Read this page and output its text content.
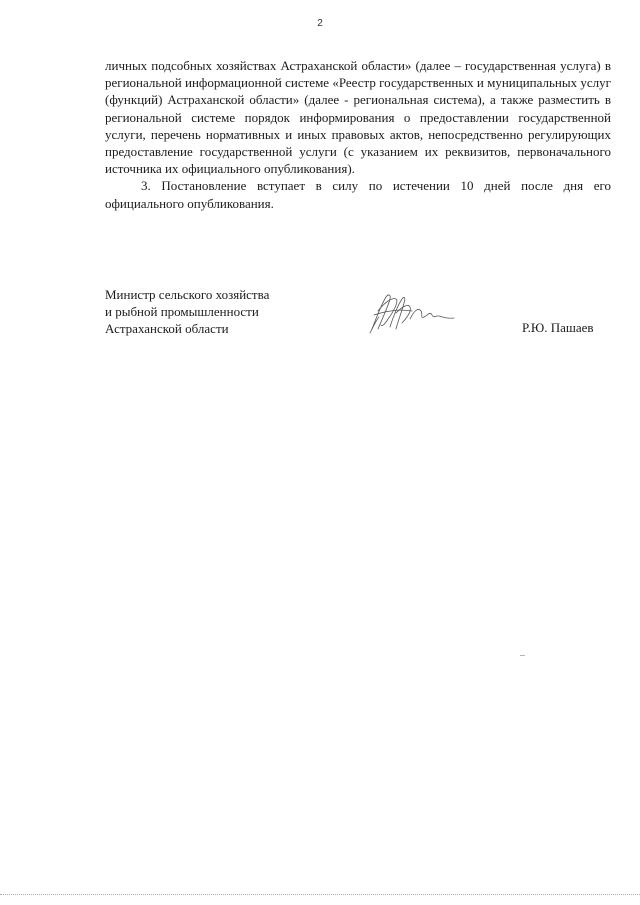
2

личных подсобных хозяйствах Астраханской области» (далее – государственная услуга) в региональной информационной системе «Реестр государственных и муниципальных услуг (функций) Астраханской области» (далее - региональная система), а также разместить в региональной системе порядок информирования о предоставлении государственной услуги, перечень нормативных и иных правовых актов, непосредственно регулирующих предоставление государственной услуги (с указанием их реквизитов, первоначального источника их официального опубликования).

3. Постановление вступает в силу по истечении 10 дней после дня его официального опубликования.

Министр сельского хозяйства
и рыбной промышленности
Астраханской области	Р.Ю. Пашаев
